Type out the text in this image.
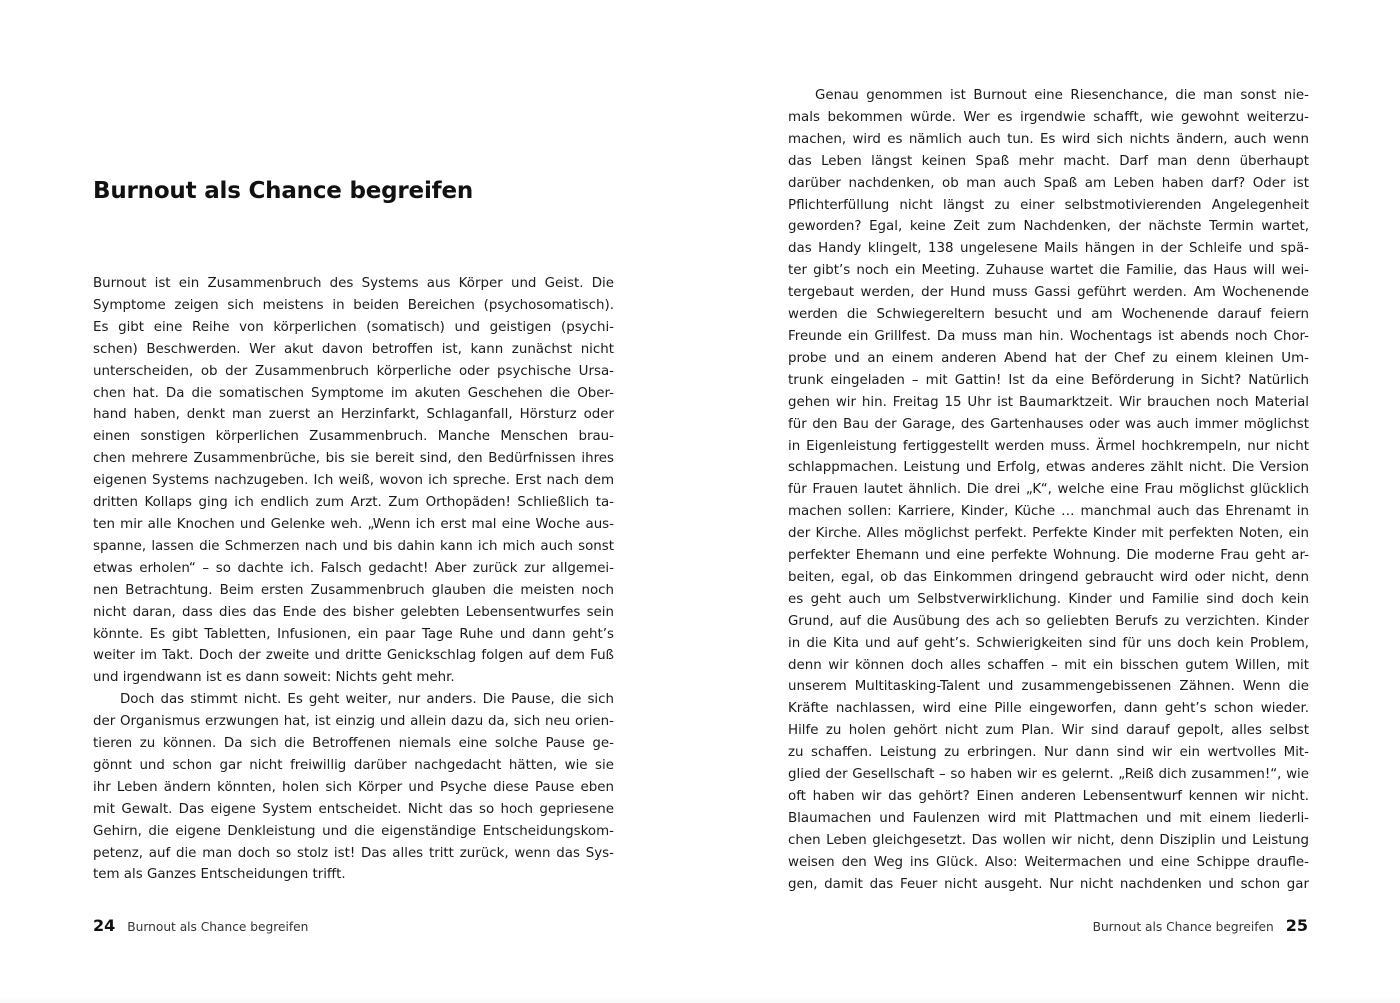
Burnout als Chance begreifen
Burnout ist ein Zusammenbruch des Systems aus Körper und Geist. Die
Symptome zeigen sich meistens in beiden Bereichen (psychosomatisch).
Es gibt eine Reihe von körperlichen (somatisch) und geistigen (psychi-
schen) Beschwerden. Wer akut davon betroffen ist, kann zunächst nicht
unterscheiden, ob der Zusammenbruch körperliche oder psychische Ursa-
chen hat. Da die somatischen Symptome im akuten Geschehen die Ober-
hand haben, denkt man zuerst an Herzinfarkt, Schlaganfall, Hörsturz oder
einen sonstigen körperlichen Zusammenbruch. Manche Menschen brau-
chen mehrere Zusammenbrüche, bis sie bereit sind, den Bedürfnissen ihres
eigenen Systems nachzugeben. Ich weiß, wovon ich spreche. Erst nach dem
dritten Kollaps ging ich endlich zum Arzt. Zum Orthopäden! Schließlich ta-
ten mir alle Knochen und Gelenke weh. „Wenn ich erst mal eine Woche aus-
spanne, lassen die Schmerzen nach und bis dahin kann ich mich auch sonst
etwas erholen“ – so dachte ich. Falsch gedacht! Aber zurück zur allgemei-
nen Betrachtung. Beim ersten Zusammenbruch glauben die meisten noch
nicht daran, dass dies das Ende des bisher gelebten Lebensentwurfes sein
könnte. Es gibt Tabletten, Infusionen, ein paar Tage Ruhe und dann geht’s
weiter im Takt. Doch der zweite und dritte Genickschlag folgen auf dem Fuß
und irgendwann ist es dann soweit: Nichts geht mehr.
Doch das stimmt nicht. Es geht weiter, nur anders. Die Pause, die sich
der Organismus erzwungen hat, ist einzig und allein dazu da, sich neu orien-
tieren zu können. Da sich die Betroffenen niemals eine solche Pause ge-
gönnt und schon gar nicht freiwillig darüber nachgedacht hätten, wie sie
ihr Leben ändern könnten, holen sich Körper und Psyche diese Pause eben
mit Gewalt. Das eigene System entscheidet. Nicht das so hoch gepriesene
Gehirn, die eigene Denkleistung und die eigenständige Entscheidungskom-
petenz, auf die man doch so stolz ist! Das alles tritt zurück, wenn das Sys-
tem als Ganzes Entscheidungen trifft.
24 Burnout als Chance begreifen
Genau genommen ist Burnout eine Riesenchance, die man sonst nie-
mals bekommen würde. Wer es irgendwie schafft, wie gewohnt weiterzu-
machen, wird es nämlich auch tun. Es wird sich nichts ändern, auch wenn
das Leben längst keinen Spaß mehr macht. Darf man denn überhaupt
darüber nachdenken, ob man auch Spaß am Leben haben darf? Oder ist
Pflichterfüllung nicht längst zu einer selbstmotivierenden Angelegenheit
geworden? Egal, keine Zeit zum Nachdenken, der nächste Termin wartet,
das Handy klingelt, 138 ungelesene Mails hängen in der Schleife und spä-
ter gibt’s noch ein Meeting. Zuhause wartet die Familie, das Haus will wei-
tergebaut werden, der Hund muss Gassi geführt werden. Am Wochenende
werden die Schwiegereltern besucht und am Wochenende darauf feiern
Freunde ein Grillfest. Da muss man hin. Wochentags ist abends noch Chor-
probe und an einem anderen Abend hat der Chef zu einem kleinen Um-
trunk eingeladen – mit Gattin! Ist da eine Beförderung in Sicht? Natürlich
gehen wir hin. Freitag 15 Uhr ist Baumarktzeit. Wir brauchen noch Material
für den Bau der Garage, des Gartenhauses oder was auch immer möglichst
in Eigenleistung fertiggestellt werden muss. Ärmel hochkrempeln, nur nicht
schlappmachen. Leistung und Erfolg, etwas anderes zählt nicht. Die Version
für Frauen lautet ähnlich. Die drei „K“, welche eine Frau möglichst glücklich
machen sollen: Karriere, Kinder, Küche … manchmal auch das Ehrenamt in
der Kirche. Alles möglichst perfekt. Perfekte Kinder mit perfekten Noten, ein
perfekter Ehemann und eine perfekte Wohnung. Die moderne Frau geht ar-
beiten, egal, ob das Einkommen dringend gebraucht wird oder nicht, denn
es geht auch um Selbstverwirklichung. Kinder und Familie sind doch kein
Grund, auf die Ausübung des ach so geliebten Berufs zu verzichten. Kinder
in die Kita und auf geht’s. Schwierigkeiten sind für uns doch kein Problem,
denn wir können doch alles schaffen – mit ein bisschen gutem Willen, mit
unserem Multitasking-Talent und zusammengebissenen Zähnen. Wenn die
Kräfte nachlassen, wird eine Pille eingeworfen, dann geht’s schon wieder.
Hilfe zu holen gehört nicht zum Plan. Wir sind darauf gepolt, alles selbst
zu schaffen. Leistung zu erbringen. Nur dann sind wir ein wertvolles Mit-
glied der Gesellschaft – so haben wir es gelernt. „Reiß dich zusammen!“, wie
oft haben wir das gehört? Einen anderen Lebensentwurf kennen wir nicht.
Blaumachen und Faulenzen wird mit Plattmachen und mit einem liederli-
chen Leben gleichgesetzt. Das wollen wir nicht, denn Disziplin und Leistung
weisen den Weg ins Glück. Also: Weitermachen und eine Schippe draufle-
gen, damit das Feuer nicht ausgeht. Nur nicht nachdenken und schon gar
Burnout als Chance begreifen 25
